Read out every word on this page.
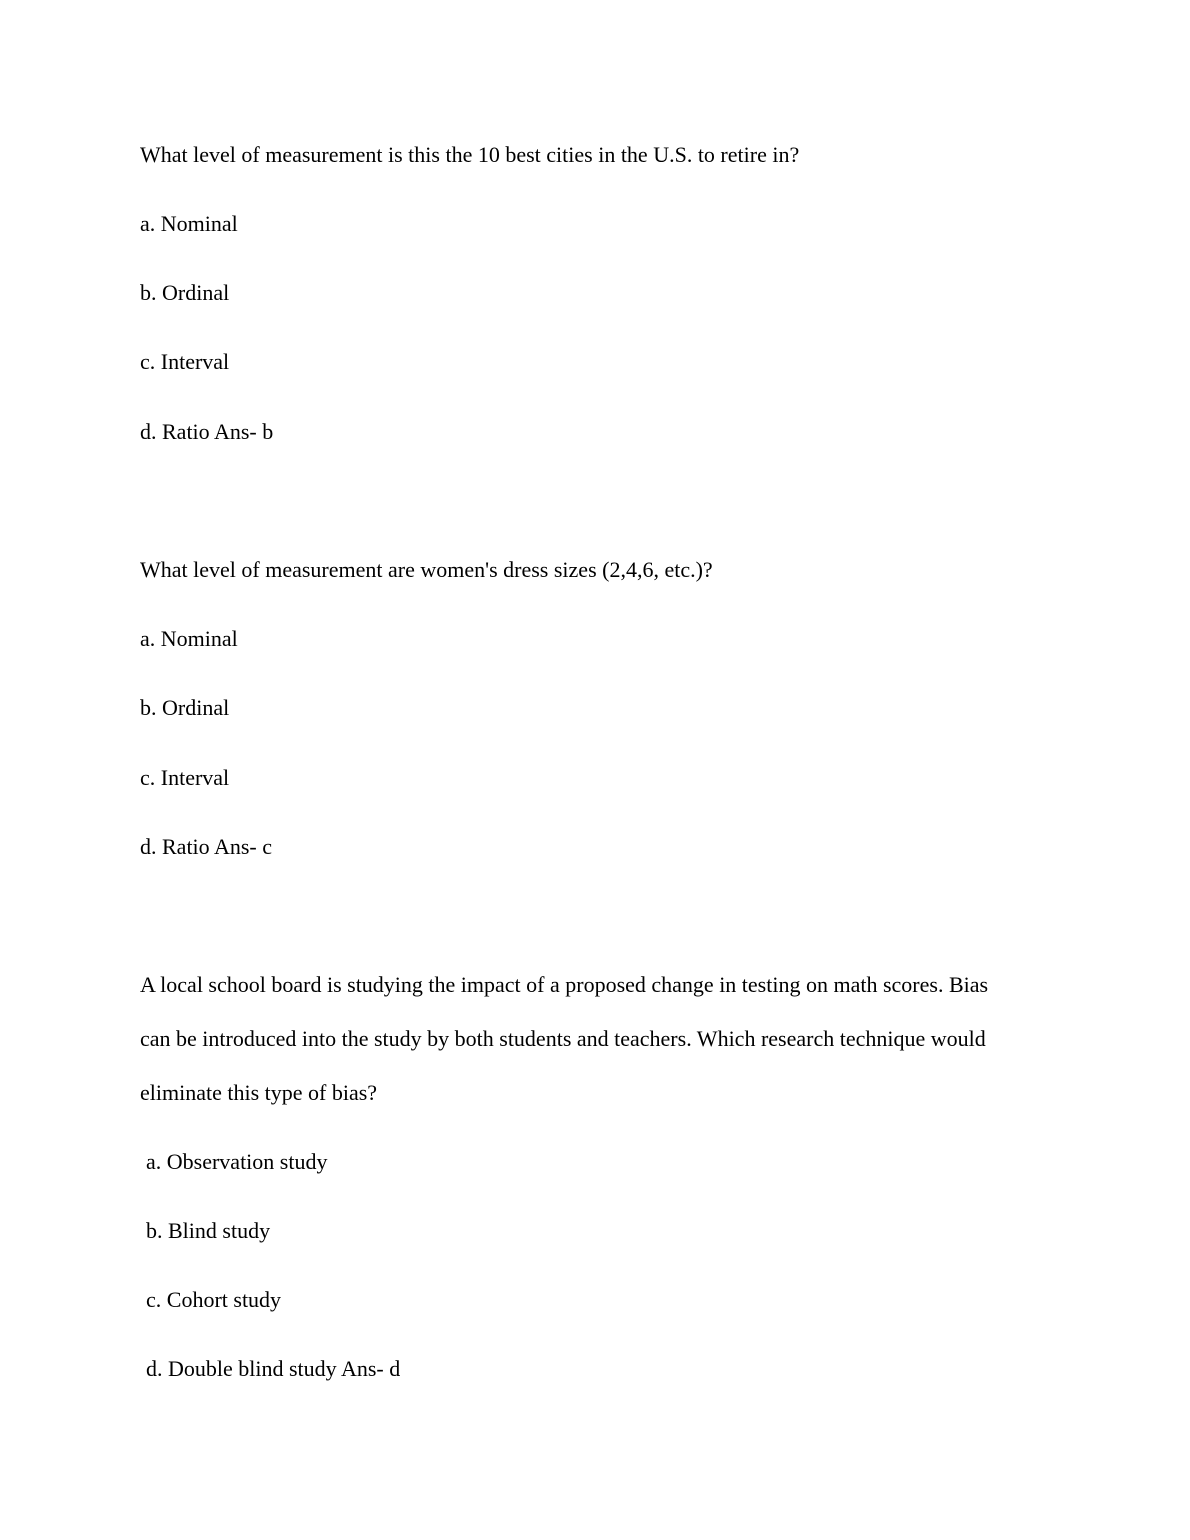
What level of measurement is this the 10 best cities in the U.S. to retire in?
a. Nominal
b. Ordinal
c. Interval
d. Ratio Ans- b
What level of measurement are women's dress sizes (2,4,6, etc.)?
a. Nominal
b. Ordinal
c. Interval
d. Ratio Ans- c
A local school board is studying the impact of a proposed change in testing on math scores. Bias
can be introduced into the study by both students and teachers. Which research technique would
eliminate this type of bias?
a. Observation study
b. Blind study
c. Cohort study
d. Double blind study Ans- d
